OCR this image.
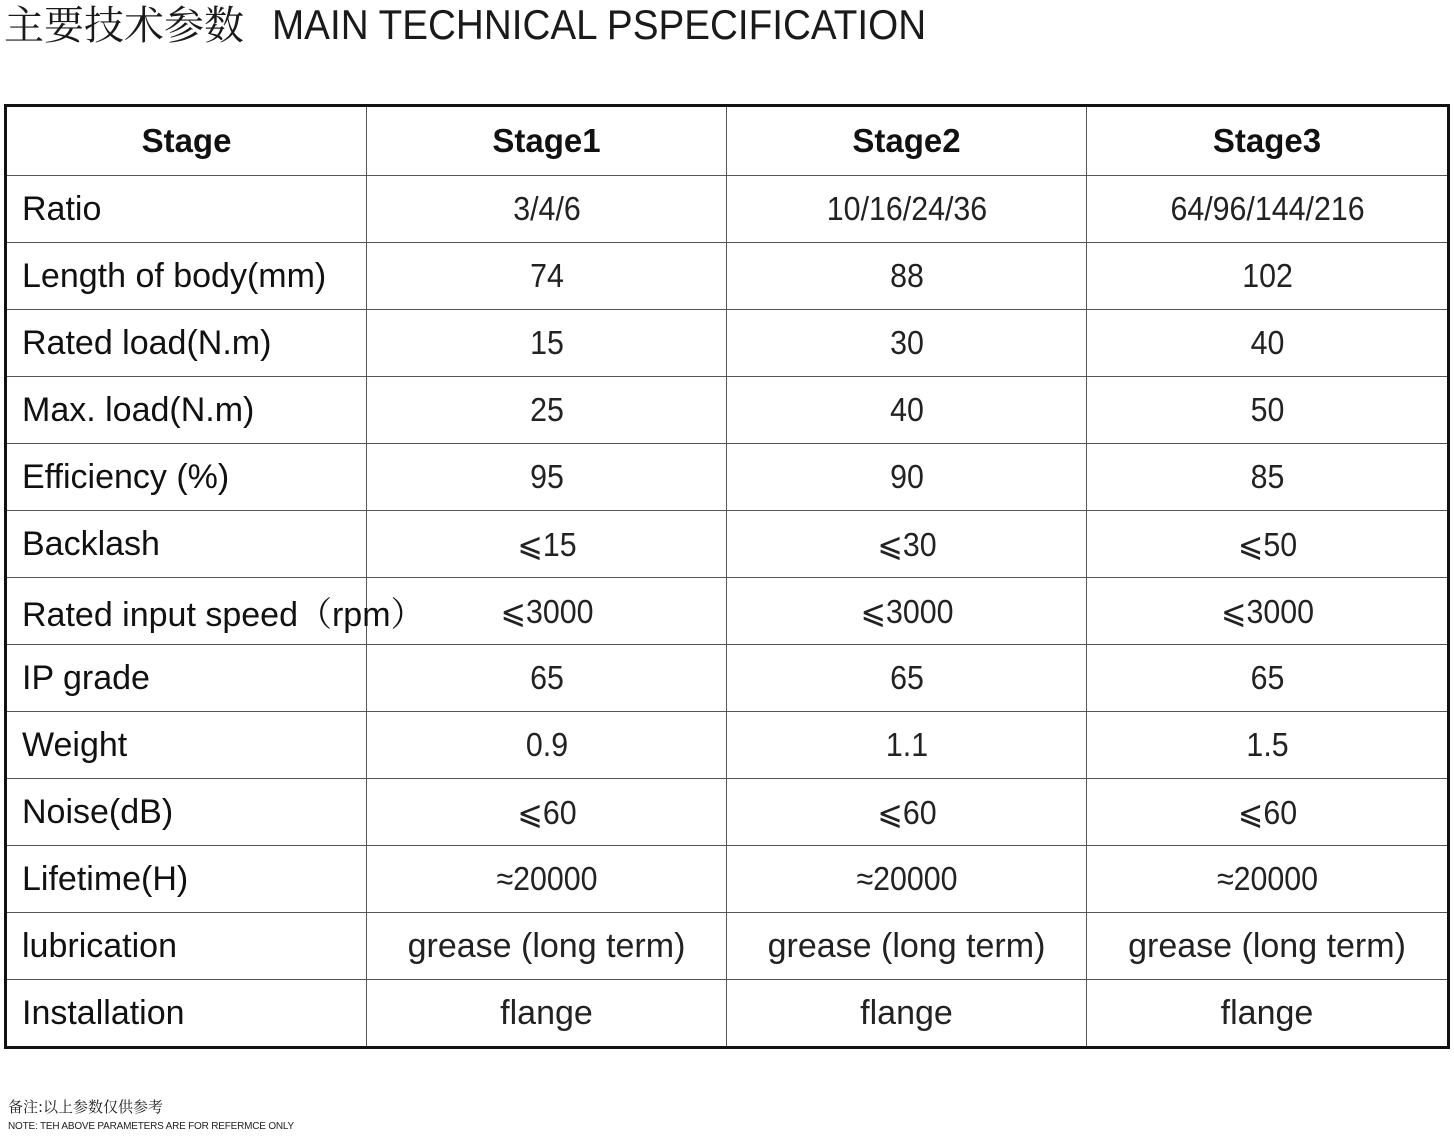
主要技术参数 MAIN TECHNICAL PSPECIFICATION
Stage	Stage1	Stage2	Stage3
Ratio	3/4/6	10/16/24/36	64/96/144/216
Length of body(mm)	74	88	102
Rated load(N.m)	15	30	40
Max. load(N.m)	25	40	50
Efficiency (%)	95	90	85
Backlash	⩽15	⩽30	⩽50
Rated input speed（rpm）	⩽3000	⩽3000	⩽3000
IP grade	65	65	65
Weight	0.9	1.1	1.5
Noise(dB)	⩽60	⩽60	⩽60
Lifetime(H)	≈20000	≈20000	≈20000
lubrication	grease (long term)	grease (long term)	grease (long term)
Installation	flange	flange	flange
备注:以上参数仅供参考
NOTE: TEH ABOVE PARAMETERS ARE FOR REFERMCE ONLY
